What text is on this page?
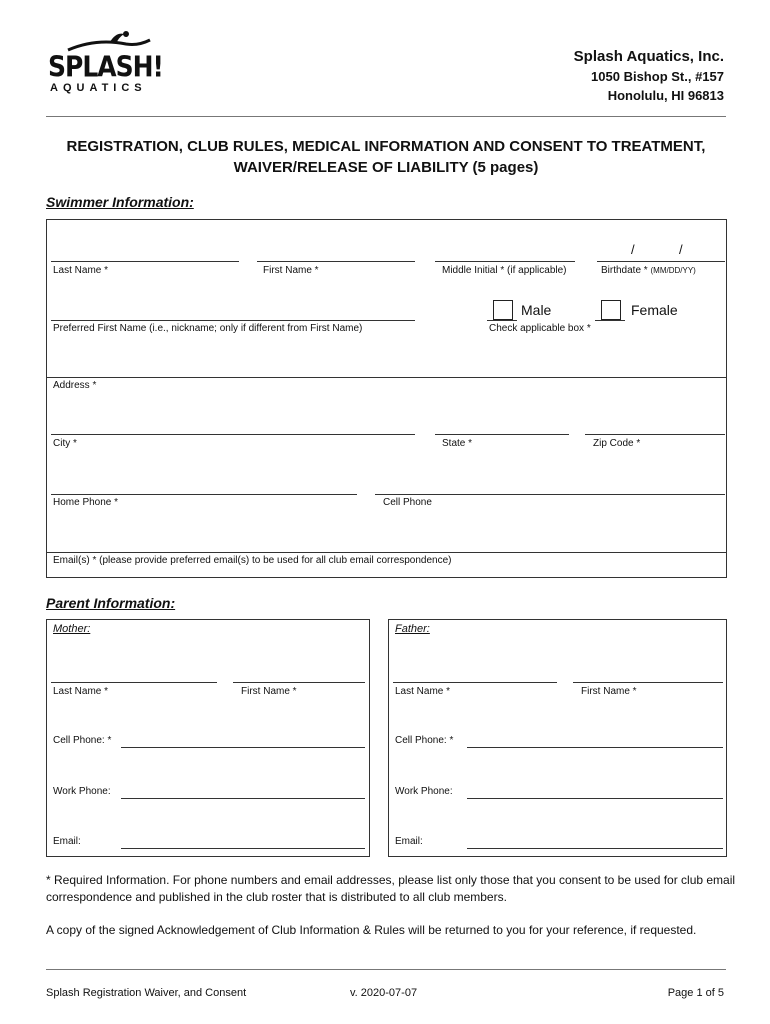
SPLASH!
AQUATICS
Splash Aquatics, Inc.
1050 Bishop St., #157
Honolulu, HI 96813
REGISTRATION, CLUB RULES, MEDICAL INFORMATION AND CONSENT TO TREATMENT,
WAIVER/RELEASE OF LIABILITY (5 pages)
Swimmer Information:
/	/
Last Name *	First Name *	Middle Initial * (if applicable)	Birthdate * (MM/DD/YY)
Preferred First Name (i.e., nickname; only if different from First Name)
Male	Female
Check applicable box *
Address *
City *	State *	Zip Code *
Home Phone *	Cell Phone
Email(s) * (please provide preferred email(s) to be used for all club email correspondence)
Parent Information:
Mother:
Last Name *	First Name *
Cell Phone: *
Work Phone:
Email:
Father:
Last Name *	First Name *
Cell Phone: *
Work Phone:
Email:
* Required Information. For phone numbers and email addresses, please list only those that you consent to be used for club email correspondence and published in the club roster that is distributed to all club members.
A copy of the signed Acknowledgement of Club Information & Rules will be returned to you for your reference, if requested.
Splash Registration Waiver, and Consent	v. 2020-07-07	Page 1 of 5
